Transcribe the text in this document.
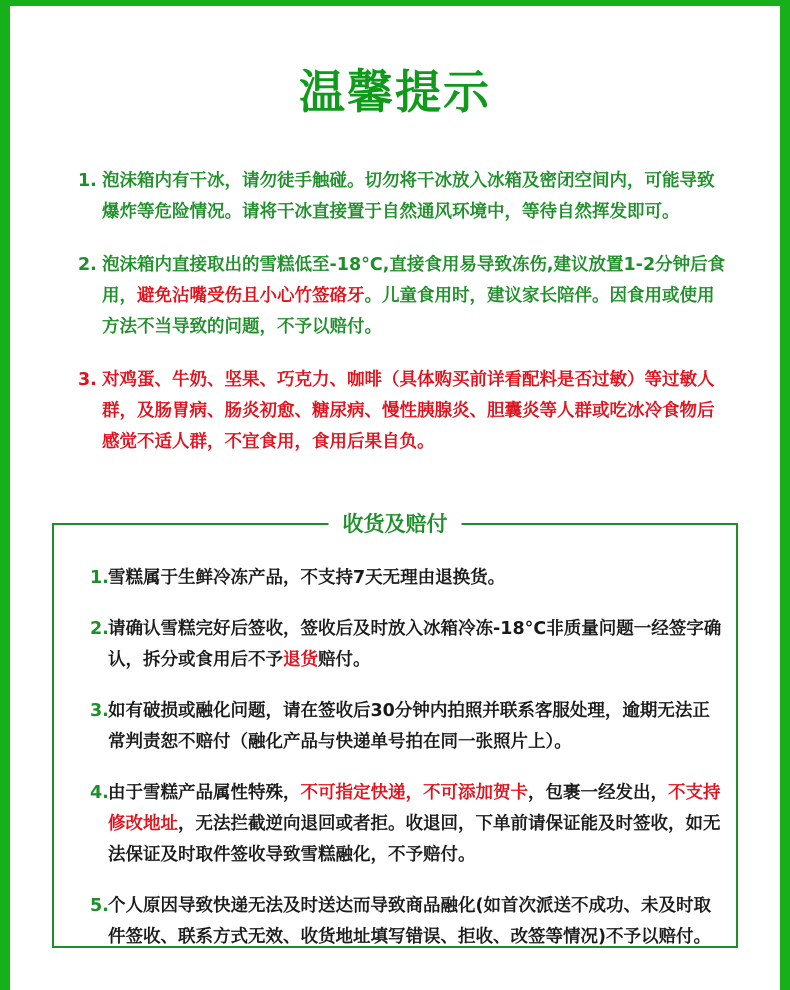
温馨提示
1. 泡沫箱内有干冰，请勿徒手触碰。切勿将干冰放入冰箱及密闭空间内，可能导致爆炸等危险情况。请将干冰直接置于自然通风环境中，等待自然挥发即可。
2. 泡沫箱内直接取出的雪糕低至-18°C,直接食用易导致冻伤,建议放置1-2分钟后食用，避免沾嘴受伤且小心竹签硌牙。儿童食用时，建议家长陪伴。因食用或使用方法不当导致的问题，不予以赔付。
3. 对鸡蛋、牛奶、坚果、巧克力、咖啡（具体购买前详看配料是否过敏）等过敏人群，及肠胃病、肠炎初愈、糖尿病、慢性胰腺炎、胆囊炎等人群或吃冰冷食物后感觉不适人群，不宜食用，食用后果自负。
收货及赔付
1. 雪糕属于生鲜冷冻产品，不支持7天无理由退换货。
2. 请确认雪糕完好后签收，签收后及时放入冰箱冷冻-18°C非质量问题一经签字确认，拆分或食用后不予退货赔付。
3. 如有破损或融化问题，请在签收后30分钟内拍照并联系客服处理，逾期无法正常判责恕不赔付（融化产品与快递单号拍在同一张照片上）。
4. 由于雪糕产品属性特殊，不可指定快递，不可添加贺卡，包裹一经发出，不支持修改地址，无法拦截逆向退回或者拒。收退回，下单前请保证能及时签收，如无法保证及时取件签收导致雪糕融化，不予赔付。
5. 个人原因导致快递无法及时送达而导致商品融化(如首次派送不成功、未及时取件签收、联系方式无效、收货地址填写错误、拒收、改签等情况)不予以赔付。
